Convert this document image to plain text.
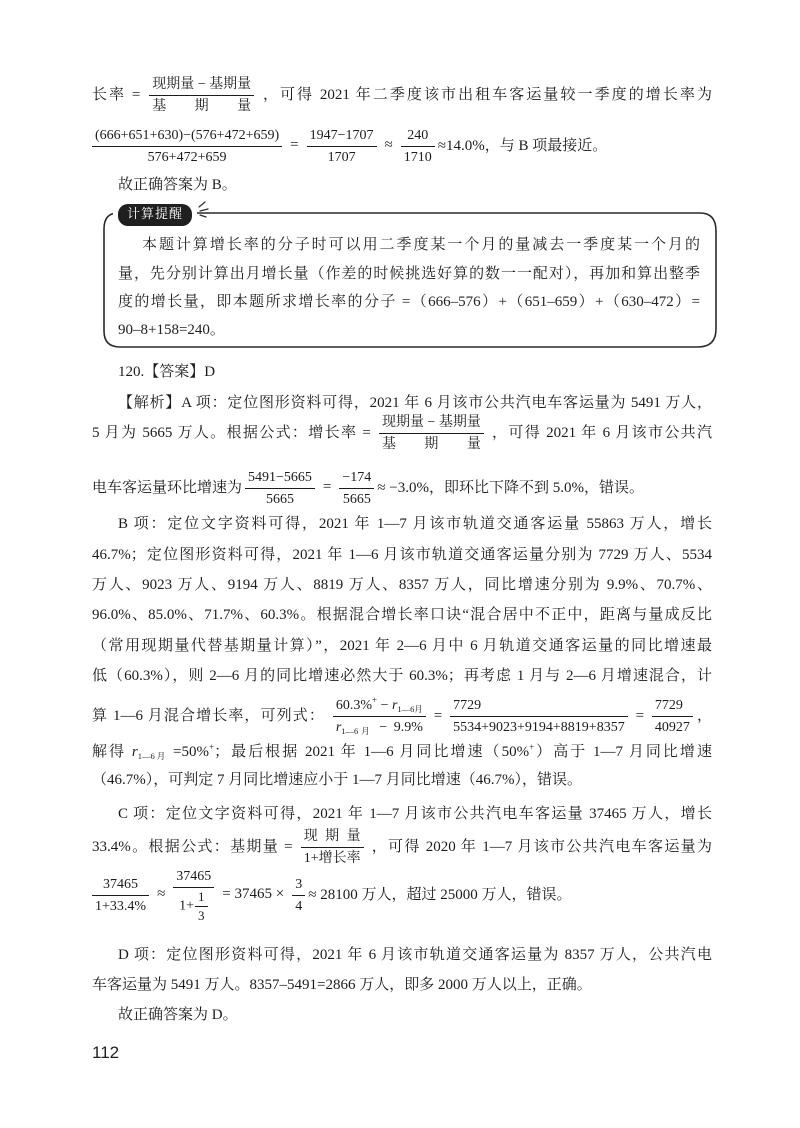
长率 =
现期量 − 基期量
基期量
，可得 2021 年二季度该市出租车客运量较一季度的增长率为
$\frac{(666+651+630)-(576+472+659)}{576+472+659} = \frac{1947-1707}{1707} \approx \frac{240}{1710} \approx 14.0\%$，与 B 项最接近。
故正确答案为 B。
计算提醒
本题计算增长率的分子时可以用二季度某一个月的量减去一季度某一个月的
量，先分别计算出月增长量（作差的时候挑选好算的数一一配对），再加和算出整季
度的增长量，即本题所求增长率的分子 =（666–576）+（651–659）+（630–472）=
90–8+158=240。
120.【答案】D
【解析】A 项：定位图形资料可得，2021 年 6 月该市公共汽电车客运量为 5491 万人，
5 月为 5665 万人。根据公式：增长率 =
现期量 − 基期量
基期量
，可得 2021 年 6 月该市公共汽
电车客运量环比增速为 $\frac{5491-5665}{5665} = \frac{-174}{5665} \approx -3.0\%$，即环比下降不到 5.0%，错误。
B 项：定位文字资料可得，2021 年 1—7 月该市轨道交通客运量 55863 万人，增长
46.7%；定位图形资料可得，2021 年 1—6 月该市轨道交通客运量分别为 7729 万人、5534
万人、9023 万人、9194 万人、8819 万人、8357 万人，同比增速分别为 9.9%、70.7%、
96.0%、85.0%、71.7%、60.3%。根据混合增长率口诀“混合居中不正中，距离与量成反比
（常用现期量代替基期量计算）”，2021 年 2—6 月中 6 月轨道交通客运量的同比增速最
低（60.3%），则 2—6 月的同比增速必然大于 60.3%；再考虑 1 月与 2—6 月增速混合，计
算 1—6 月混合增长率，可列式：
$60.3\%^+ - r_{1—6月}$
$r_{1—6月} - 9.9\%$
= $\frac{7729}{5534+9023+9194+8819+8357} = \frac{7729}{40927}$ ，
解得 $r_{1—6月} =50\%^+$；最后根据 2021 年 1—6 月同比增速（50%+）高于 1—7 月同比增速
（46.7%），可判定 7 月同比增速应小于 1—7 月同比增速（46.7%），错误。
C 项：定位文字资料可得，2021 年 1—7 月该市公共汽电车客运量 37465 万人，增长
33.4%。根据公式：基期量 =
现期量
1+增长率
，可得 2020 年 1—7 月该市公共汽电车客运量为
$\frac{37465}{1+33.4\%} \approx \frac{37465}{1+ \frac{1}{3}} = 37465 \times \frac{3}{4} \approx 28100$ 万人，超过 25000 万人，错误。
D 项：定位图形资料可得，2021 年 6 月该市轨道交通客运量为 8357 万人，公共汽电
车客运量为 5491 万人。8357–5491=2866 万人，即多 2000 万人以上，正确。
故正确答案为 D。
112
